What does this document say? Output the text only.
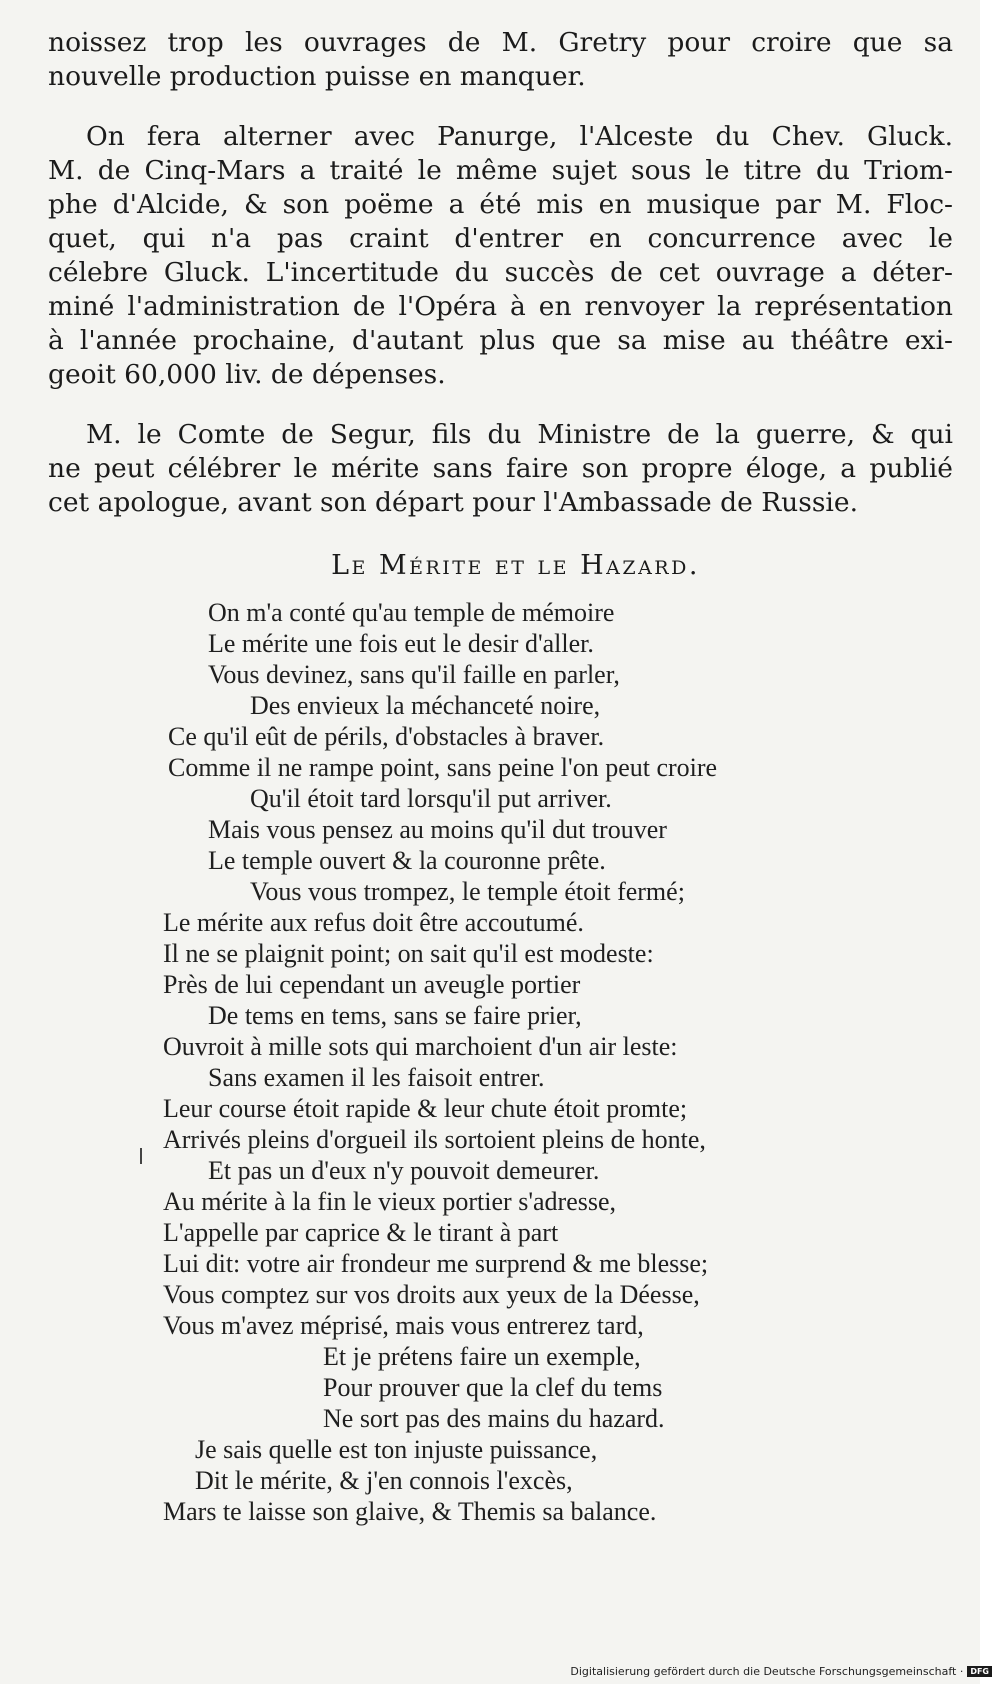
noissez trop les ouvrages de M. Gretry pour croire que sa
nouvelle production puisse en manquer.
On fera alterner avec Panurge, l'Alceste du Chev. Gluck.
M. de Cinq-Mars a traité le même sujet sous le titre du Triom-
phe d'Alcide, & son poëme a été mis en musique par M. Floc-
quet, qui n'a pas craint d'entrer en concurrence avec le
célebre Gluck. L'incertitude du succès de cet ouvrage a déter-
miné l'administration de l'Opéra à en renvoyer la représentation
à l'année prochaine, d'autant plus que sa mise au théâtre exi-
geoit 60,000 liv. de dépenses.
M. le Comte de Segur, fils du Ministre de la guerre, & qui
ne peut célébrer le mérite sans faire son propre éloge, a publié
cet apologue, avant son départ pour l'Ambassade de Russie.
Le Mérite et le Hazard.
On m'a conté qu'au temple de mémoire
Le mérite une fois eut le desir d'aller.
Vous devinez, sans qu'il faille en parler,
Des envieux la méchanceté noire,
Ce qu'il eût de périls, d'obstacles à braver.
Comme il ne rampe point, sans peine l'on peut croire
Qu'il étoit tard lorsqu'il put arriver.
Mais vous pensez au moins qu'il dut trouver
Le temple ouvert & la couronne prête.
Vous vous trompez, le temple étoit fermé;
Le mérite aux refus doit être accoutumé.
Il ne se plaignit point; on sait qu'il est modeste:
Près de lui cependant un aveugle portier
De tems en tems, sans se faire prier,
Ouvroit à mille sots qui marchoient d'un air leste:
Sans examen il les faisoit entrer.
Leur course étoit rapide & leur chute étoit promte;
Arrivés pleins d'orgueil ils sortoient pleins de honte,
Et pas un d'eux n'y pouvoit demeurer.
Au mérite à la fin le vieux portier s'adresse,
L'appelle par caprice & le tirant à part
Lui dit: votre air frondeur me surprend & me blesse;
Vous comptez sur vos droits aux yeux de la Déesse,
Vous m'avez méprisé, mais vous entrerez tard,
Et je prétens faire un exemple,
Pour prouver que la clef du tems
Ne sort pas des mains du hazard.
Je sais quelle est ton injuste puissance,
Dit le mérite, & j'en connois l'excès,
Mars te laisse son glaive, & Themis sa balance.
Digitalisierung gefördert durch die Deutsche Forschungsgemeinschaft · DFG
